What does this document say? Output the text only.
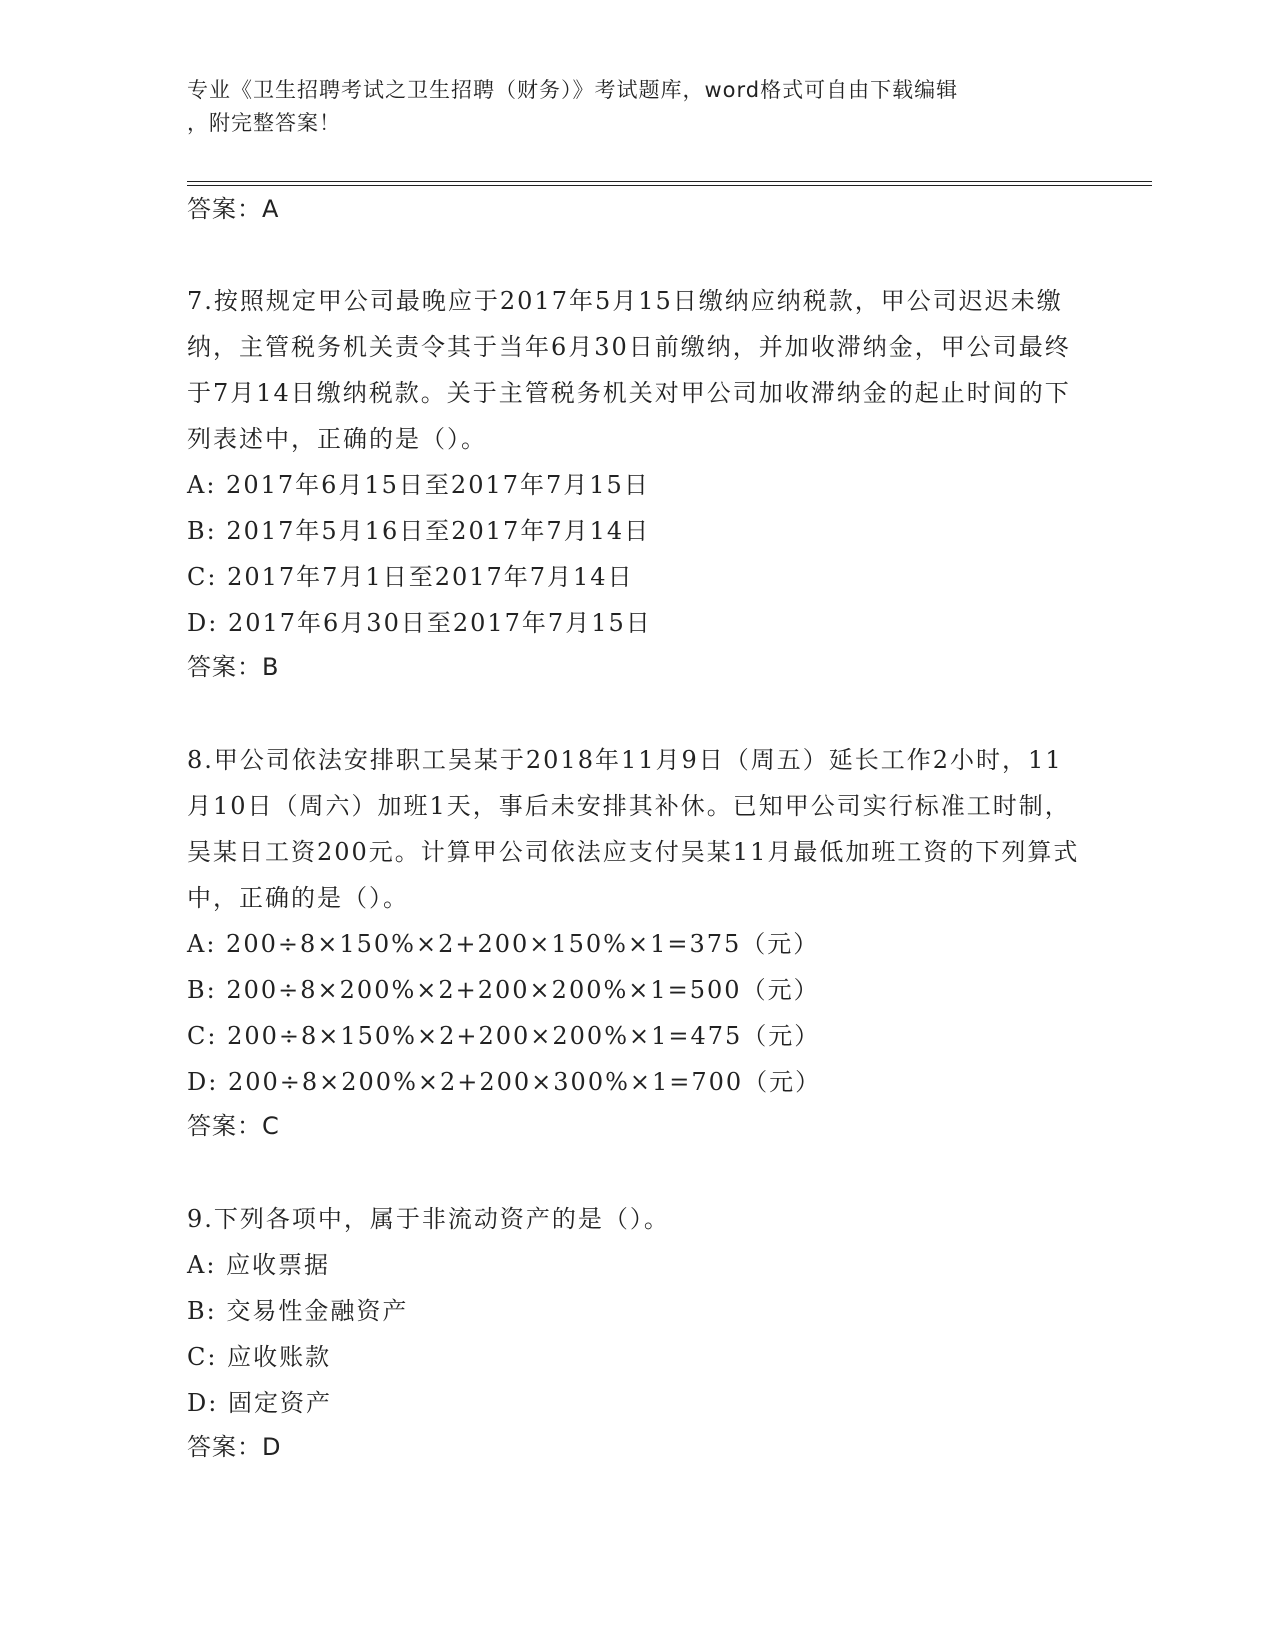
专业《卫生招聘考试之卫生招聘（财务）》考试题库，word格式可自由下载编辑
，附完整答案！
答案：A

7.按照规定甲公司最晚应于2017年5月15日缴纳应纳税款，甲公司迟迟未缴纳，主管税务机关责令其于当年6月30日前缴纳，并加收滞纳金，甲公司最终于7月14日缴纳税款。关于主管税务机关对甲公司加收滞纳金的起止时间的下列表述中，正确的是（）。

A: 2017年6月15日至2017年7月15日

B: 2017年5月16日至2017年7月14日

C: 2017年7月1日至2017年7月14日

D: 2017年6月30日至2017年7月15日

答案：B

8.甲公司依法安排职工吴某于2018年11月9日（周五）延长工作2小时，11月10日（周六）加班1天，事后未安排其补休。已知甲公司实行标准工时制，吴某日工资200元。计算甲公司依法应支付吴某11月最低加班工资的下列算式中，正确的是（）。

A: 200÷8×150%×2+200×150%×1=375（元）

B: 200÷8×200%×2+200×200%×1=500（元）

C: 200÷8×150%×2+200×200%×1=475（元）

D: 200÷8×200%×2+200×300%×1=700（元）

答案：C

9.下列各项中，属于非流动资产的是（）。

A: 应收票据

B: 交易性金融资产

C: 应收账款

D: 固定资产

答案：D
